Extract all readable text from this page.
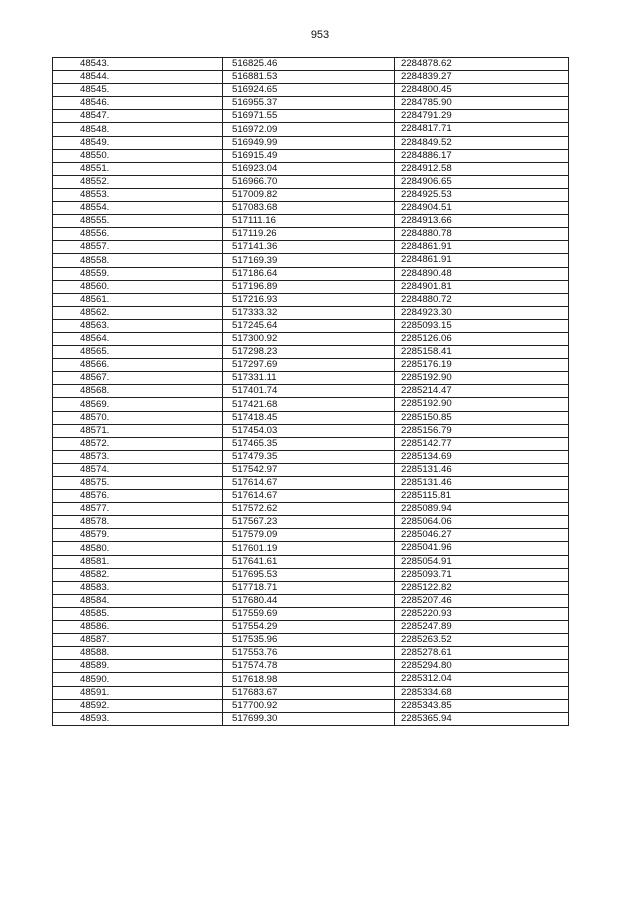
953
48543.	516825.46	2284878.62
48544.	516881.53	2284839.27
48545.	516924.65	2284800.45
48546.	516955.37	2284785.90
48547.	516971.55	2284791.29
48548.	516972.09	2284817.71
48549.	516949.99	2284849.52
48550.	516915.49	2284886.17
48551.	516923.04	2284912.58
48552.	516966.70	2284906.65
48553.	517009.82	2284925.53
48554.	517083.68	2284904.51
48555.	517111.16	2284913.66
48556.	517119.26	2284880.78
48557.	517141.36	2284861.91
48558.	517169.39	2284861.91
48559.	517186.64	2284890.48
48560.	517196.89	2284901.81
48561.	517216.93	2284880.72
48562.	517333.32	2284923.30
48563.	517245.64	2285093.15
48564.	517300.92	2285126.06
48565.	517298.23	2285158.41
48566.	517297.69	2285176.19
48567.	517331.11	2285192.90
48568.	517401.74	2285214.47
48569.	517421.68	2285192.90
48570.	517418.45	2285150.85
48571.	517454.03	2285156.79
48572.	517465.35	2285142.77
48573.	517479.35	2285134.69
48574.	517542.97	2285131.46
48575.	517614.67	2285131.46
48576.	517614.67	2285115.81
48577.	517572.62	2285089.94
48578.	517567.23	2285064.06
48579.	517579.09	2285046.27
48580.	517601.19	2285041.96
48581.	517641.61	2285054.91
48582.	517695.53	2285093.71
48583.	517718.71	2285122.82
48584.	517680.44	2285207.46
48585.	517559.69	2285220.93
48586.	517554.29	2285247.89
48587.	517535.96	2285263.52
48588.	517553.76	2285278.61
48589.	517574.78	2285294.80
48590.	517618.98	2285312.04
48591.	517683.67	2285334.68
48592.	517700.92	2285343.85
48593.	517699.30	2285365.94
